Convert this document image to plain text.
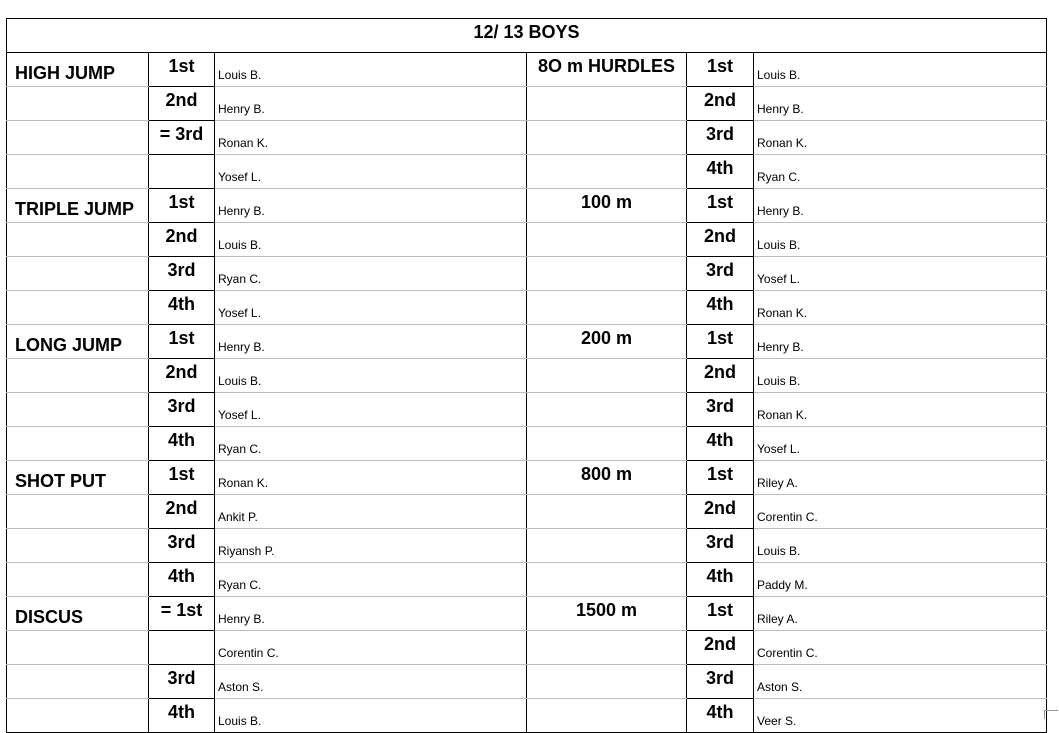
12/ 13 BOYS					
HIGH JUMP	1st	Louis B.	8O m HURDLES	1st	Louis B.
	2nd	Henry B.		2nd	Henry B.
	= 3rd	Ronan K.		3rd	Ronan K.
		Yosef L.		4th	Ryan C.
TRIPLE JUMP	1st	Henry B.	100 m	1st	Henry B.
	2nd	Louis B.		2nd	Louis B.
	3rd	Ryan C.		3rd	Yosef L.
	4th	Yosef L.		4th	Ronan K.
LONG JUMP	1st	Henry B.	200 m	1st	Henry B.
	2nd	Louis B.		2nd	Louis B.
	3rd	Yosef L.		3rd	Ronan K.
	4th	Ryan C.		4th	Yosef L.
SHOT PUT	1st	Ronan K.	800 m	1st	Riley A.
	2nd	Ankit P.		2nd	Corentin C.
	3rd	Riyansh P.		3rd	Louis B.
	4th	Ryan C.		4th	Paddy M.
DISCUS	= 1st	Henry B.	1500 m	1st	Riley A.
		Corentin C.		2nd	Corentin C.
	3rd	Aston S.		3rd	Aston S.
	4th	Louis B.		4th	Veer S.
